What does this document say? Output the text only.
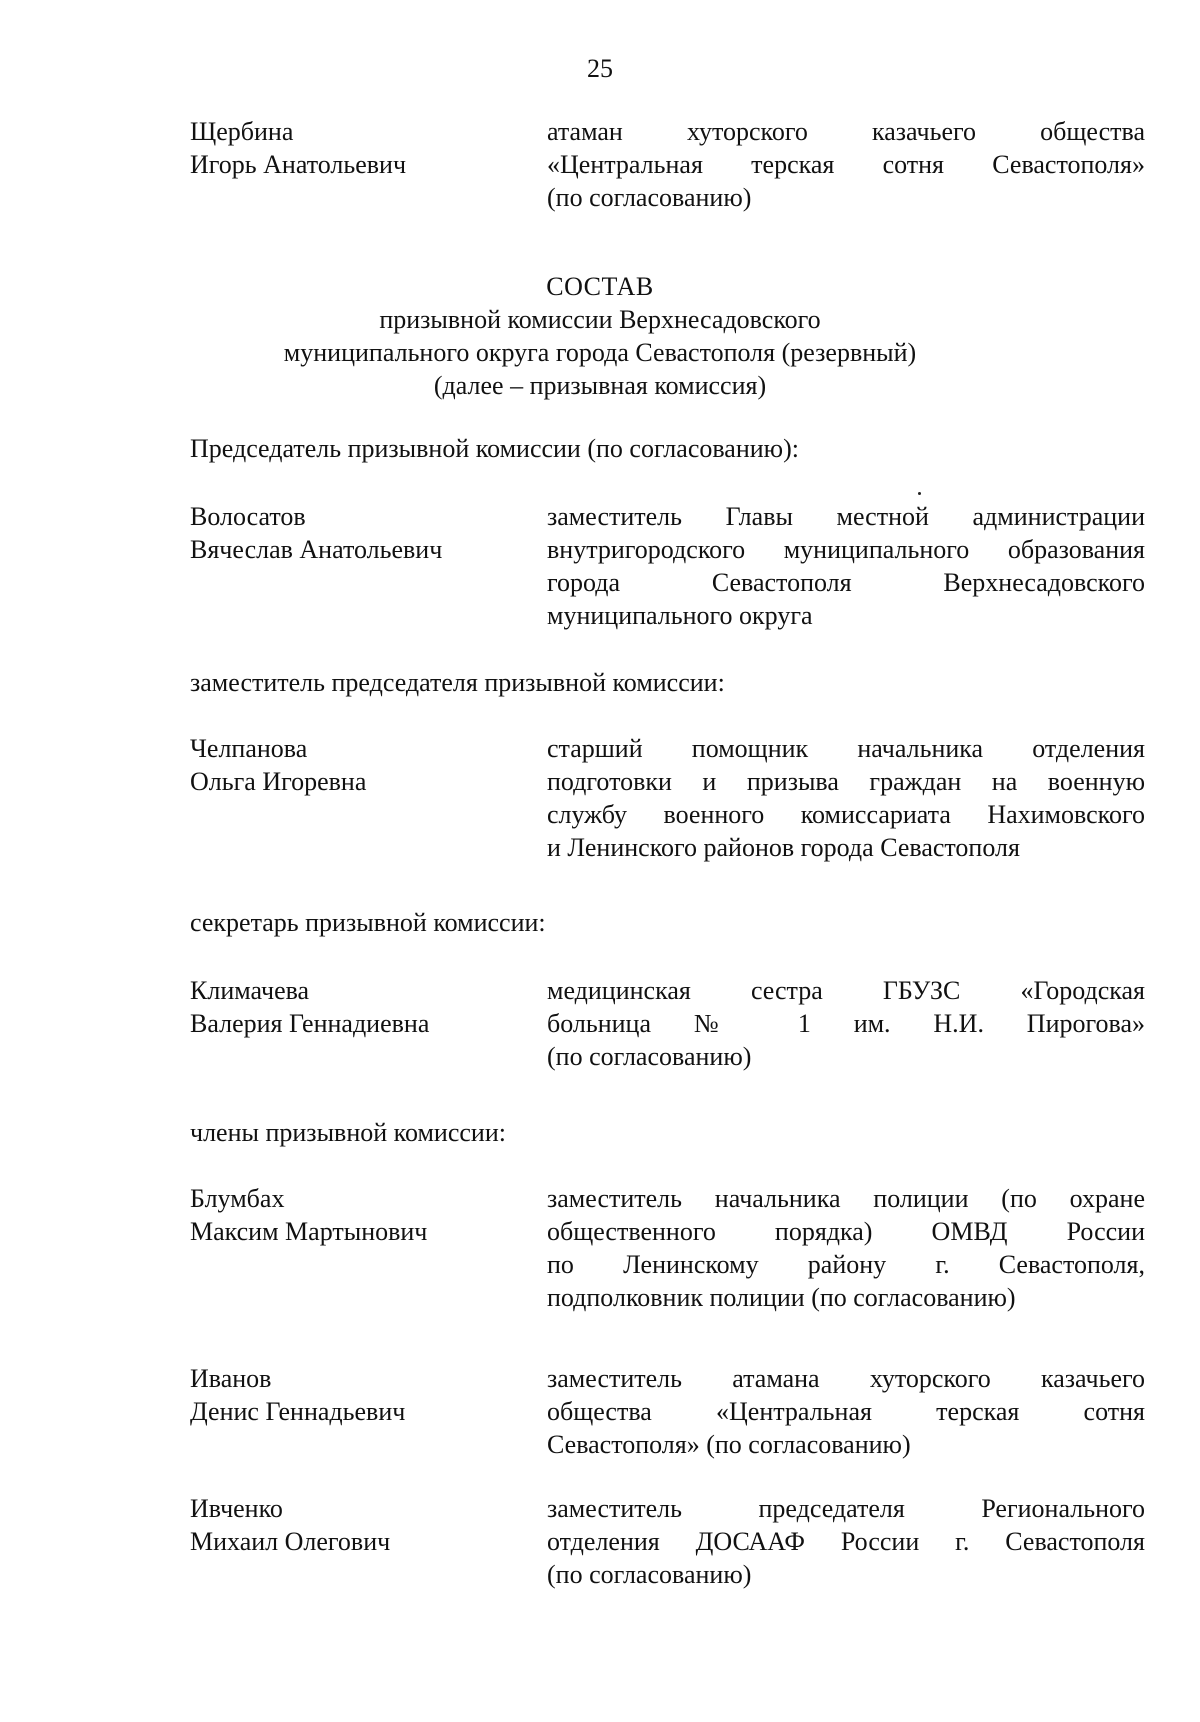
25
Щербина
Игорь Анатольевич
атаман хуторского казачьего общества
«Центральная терская сотня Севастополя»
(по согласованию)
СОСТАВ
призывной комиссии Верхнесадовского
муниципального округа города Севастополя (резервный)
(далее – призывная комиссия)
Председатель призывной комиссии (по согласованию):
Волосатов
Вячеслав Анатольевич
заместитель Главы местной администрации
внутригородского муниципального образования
города Севастополя Верхнесадовского
муниципального округа
заместитель председателя призывной комиссии:
Челпанова
Ольга Игоревна
старший помощник начальника отделения
подготовки и призыва граждан на военную
службу военного комиссариата Нахимовского
и Ленинского районов города Севастополя
секретарь призывной комиссии:
Климачева
Валерия Геннадиевна
медицинская сестра ГБУЗС «Городская
больница № 1 им. Н.И. Пирогова»
(по согласованию)
члены призывной комиссии:
Блумбах
Максим Мартынович
заместитель начальника полиции (по охране
общественного порядка) ОМВД России
по Ленинскому району г. Севастополя,
подполковник полиции (по согласованию)
Иванов
Денис Геннадьевич
заместитель атамана хуторского казачьего
общества «Центральная терская сотня
Севастополя» (по согласованию)
Ивченко
Михаил Олегович
заместитель председателя Регионального
отделения ДОСААФ России г. Севастополя
(по согласованию)
